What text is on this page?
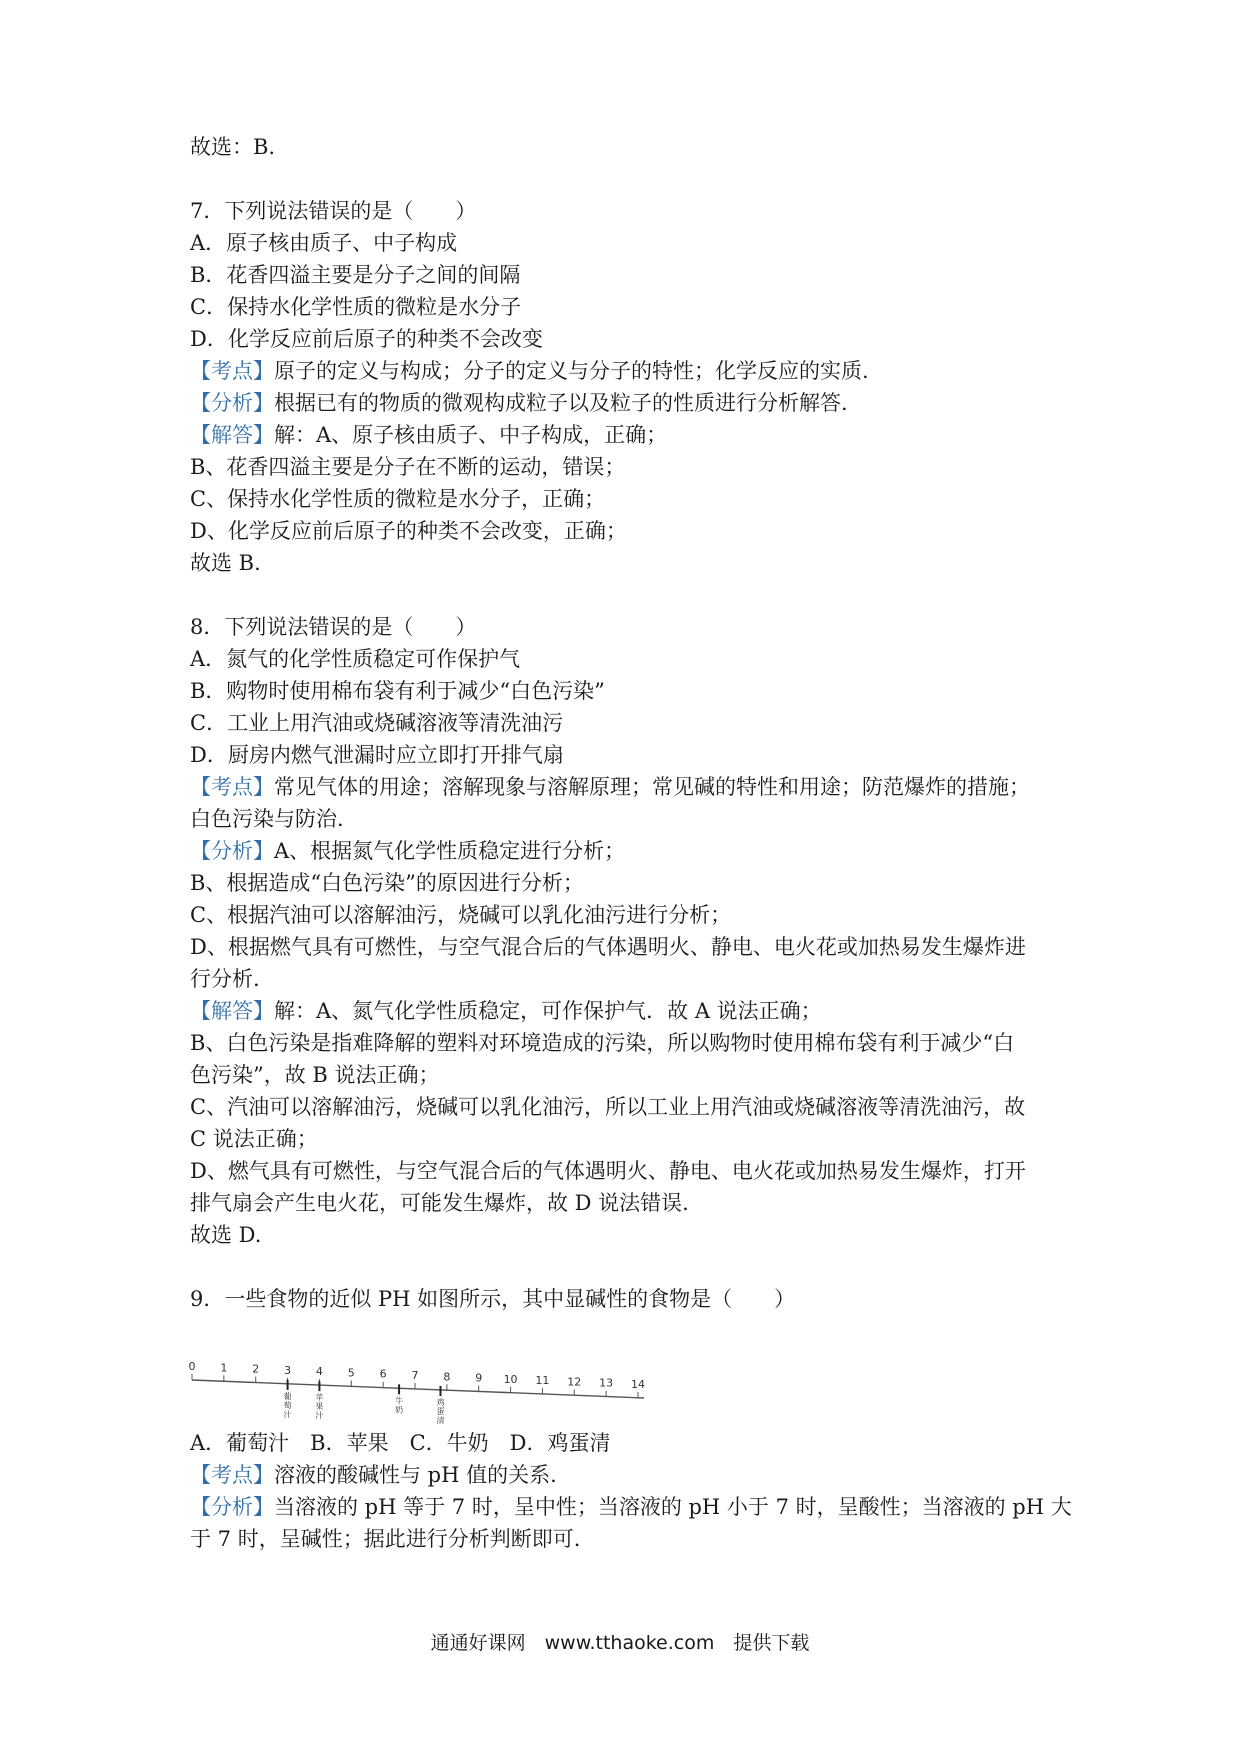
故选：B.
7．下列说法错误的是（　　）
A．原子核由质子、中子构成
B．花香四溢主要是分子之间的间隔
C．保持水化学性质的微粒是水分子
D．化学反应前后原子的种类不会改变
【考点】原子的定义与构成；分子的定义与分子的特性；化学反应的实质.
【分析】根据已有的物质的微观构成粒子以及粒子的性质进行分析解答.
【解答】解：A、原子核由质子、中子构成，正确；
B、花香四溢主要是分子在不断的运动，错误；
C、保持水化学性质的微粒是水分子，正确；
D、化学反应前后原子的种类不会改变，正确；
故选 B.
8．下列说法错误的是（　　）
A．氮气的化学性质稳定可作保护气
B．购物时使用棉布袋有利于减少“白色污染”
C．工业上用汽油或烧碱溶液等清洗油污
D．厨房内燃气泄漏时应立即打开排气扇
【考点】常见气体的用途；溶解现象与溶解原理；常见碱的特性和用途；防范爆炸的措施；
白色污染与防治.
【分析】A、根据氮气化学性质稳定进行分析；
B、根据造成“白色污染”的原因进行分析；
C、根据汽油可以溶解油污，烧碱可以乳化油污进行分析；
D、根据燃气具有可燃性，与空气混合后的气体遇明火、静电、电火花或加热易发生爆炸进
行分析.
【解答】解：A、氮气化学性质稳定，可作保护气．故 A 说法正确；
B、白色污染是指难降解的塑料对环境造成的污染，所以购物时使用棉布袋有利于减少“白
色污染”，故 B 说法正确；
C、汽油可以溶解油污，烧碱可以乳化油污，所以工业上用汽油或烧碱溶液等清洗油污，故
C 说法正确；
D、燃气具有可燃性，与空气混合后的气体遇明火、静电、电火花或加热易发生爆炸，打开
排气扇会产生电火花，可能发生爆炸，故 D 说法错误.
故选 D.
9．一些食物的近似 PH 如图所示，其中显碱性的食物是（　　）
A．葡萄汁　B．苹果　C．牛奶　D．鸡蛋清
【考点】溶液的酸碱性与 pH 值的关系.
【分析】当溶液的 pH 等于 7 时，呈中性；当溶液的 pH 小于 7 时，呈酸性；当溶液的 pH 大
于 7 时，呈碱性；据此进行分析判断即可.
0 1 2 3 4 5 6 7 8 9 10 11 12 13 14
葡
萄
汁
苹
果
汁
牛
奶
鸡
蛋
清
通通好课网　www.tthaoke.com　提供下载
